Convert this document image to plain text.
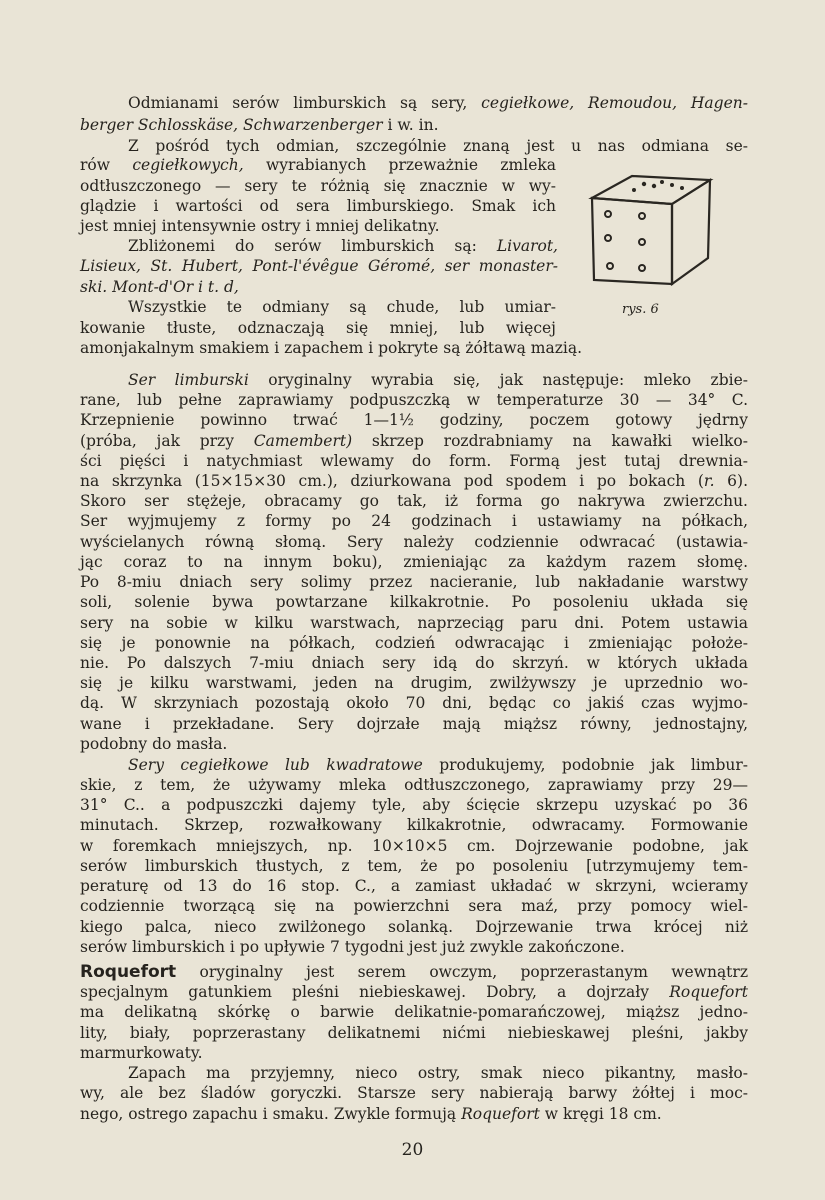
Odmianami serów limburskich są sery, cegiełkowe, Remoudou, Hagen-
berger Schlosskäse, Schwarzenberger i w. in.
Z pośród tych odmian, szczególnie znaną jest u nas odmiana se-
rów cegiełkowych, wyrabianych przeważnie zmleka
odtłuszczonego — sery te różnią się znacznie w wy-
glądzie i wartości od sera limburskiego. Smak ich
jest mniej intensywnie ostry i mniej delikatny.
Zbliżonemi do serów limburskich są: Livarot,
Lisieux, St. Hubert, Pont-l'évêgue Géromé, ser monaster-
ski. Mont-d'Or i t. d,
Wszystkie te odmiany są chude, lub umiar-
kowanie tłuste, odznaczają się mniej, lub więcej
amonjakalnym smakiem i zapachem i pokryte są żółtawą mazią.
Ser limburski oryginalny wyrabia się, jak następuje: mleko zbie-
rane, lub pełne zaprawiamy podpuszczką w temperaturze 30 — 34° C.
Krzepnienie powinno trwać 1—1½ godziny, poczem gotowy jędrny
(próba, jak przy Camembert) skrzep rozdrabniamy na kawałki wielko-
ści pięści i natychmiast wlewamy do form. Formą jest tutaj drewnia-
na skrzynka (15×15×30 cm.), dziurkowana pod spodem i po bokach (r. 6).
Skoro ser stężeje, obracamy go tak, iż forma go nakrywa zwierzchu.
Ser wyjmujemy z formy po 24 godzinach i ustawiamy na półkach,
wyścielanych równą słomą. Sery należy codziennie odwracać (ustawia-
jąc coraz to na innym boku), zmieniając za każdym razem słomę.
Po 8-miu dniach sery solimy przez nacieranie, lub nakładanie warstwy
soli, solenie bywa powtarzane kilkakrotnie. Po posoleniu układa się
sery na sobie w kilku warstwach, naprzeciąg paru dni. Potem ustawia
się je ponownie na półkach, codzień odwracając i zmieniając położe-
nie. Po dalszych 7-miu dniach sery idą do skrzyń. w których układa
się je kilku warstwami, jeden na drugim, zwilżywszy je uprzednio wo-
dą. W skrzyniach pozostają około 70 dni, będąc co jakiś czas wyjmo-
wane i przekładane. Sery dojrzałe mają miąższ równy, jednostajny,
podobny do masła.
Sery cegiełkowe lub kwadratowe produkujemy, podobnie jak limbur-
skie, z tem, że używamy mleka odtłuszczonego, zaprawiamy przy 29—
31° C.. a podpuszczki dajemy tyle, aby ścięcie skrzepu uzyskać po 36
minutach. Skrzep, rozwałkowany kilkakrotnie, odwracamy. Formowanie
w foremkach mniejszych, np. 10×10×5 cm. Dojrzewanie podobne, jak
serów limburskich tłustych, z tem, że po posoleniu [utrzymujemy tem-
peraturę od 13 do 16 stop. C., a zamiast układać w skrzyni, wcieramy
codziennie tworzącą się na powierzchni sera maź, przy pomocy wiel-
kiego palca, nieco zwilżonego solanką. Dojrzewanie trwa krócej niż
serów limburskich i po upływie 7 tygodni jest już zwykle zakończone.
Roquefort oryginalny jest serem owczym, poprzerastanym wewnątrz
specjalnym gatunkiem pleśni niebieskawej. Dobry, a dojrzały Roquefort
ma delikatną skórkę o barwie delikatnie-pomarańczowej, miąższ jedno-
lity, biały, poprzerastany delikatnemi nićmi niebieskawej pleśni, jakby
marmurkowaty.
Zapach ma przyjemny, nieco ostry, smak nieco pikantny, masło-
wy, ale bez śladów goryczki. Starsze sery nabierają barwy żółtej i moc-
nego, ostrego zapachu i smaku. Zwykle formują Roquefort w kręgi 18 cm.
rys. 6
20
